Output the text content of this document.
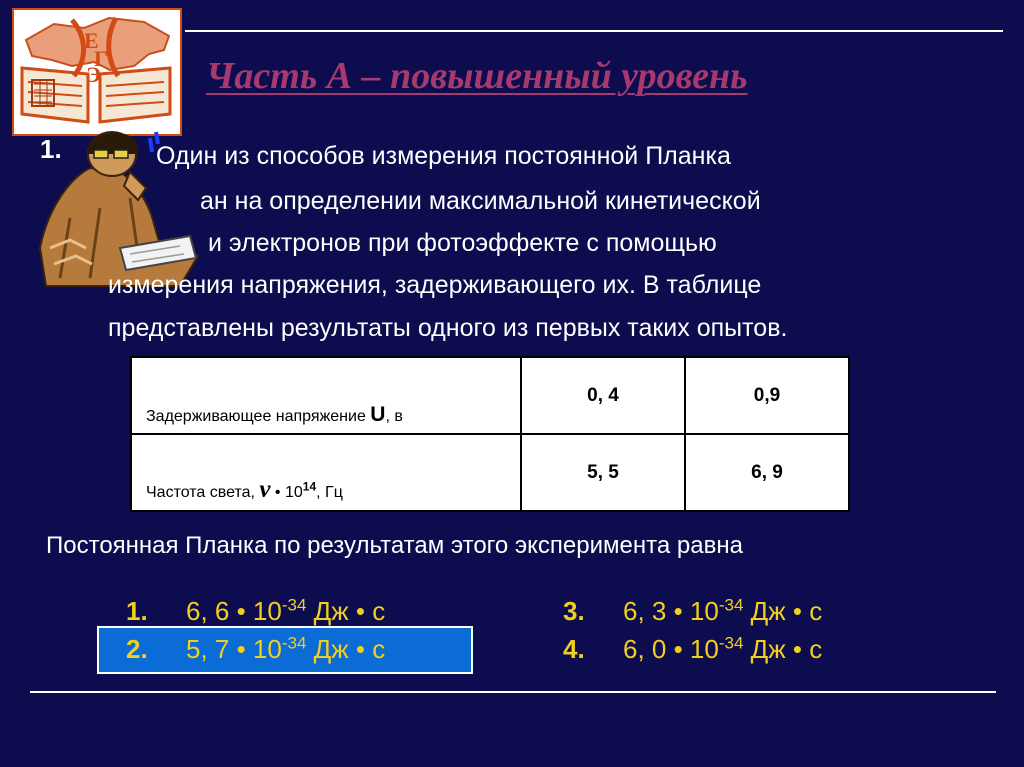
Е
Г
Э	Часть А – повышенный уровень
1.	Один из способов измерения постоянной Планка
ан на определении максимальной кинетической
и электронов при фотоэффекте с помощью
измерения напряжения, задерживающего их. В таблице
представлены результаты одного из первых таких опытов.
Задерживающее напряжение U, в	0, 4	0,9
Частота света, ν • $10^{14}$, Гц	5, 5	6, 9
Постоянная Планка по результатам этого эксперимента равна
1. 6, 6 • $10^{-34}$ Дж • с
2. 5, 7 • $10^{-34}$ Дж • с
3. 6, 3 • $10^{-34}$ Дж • с
4. 6, 0 • $10^{-34}$ Дж • с
